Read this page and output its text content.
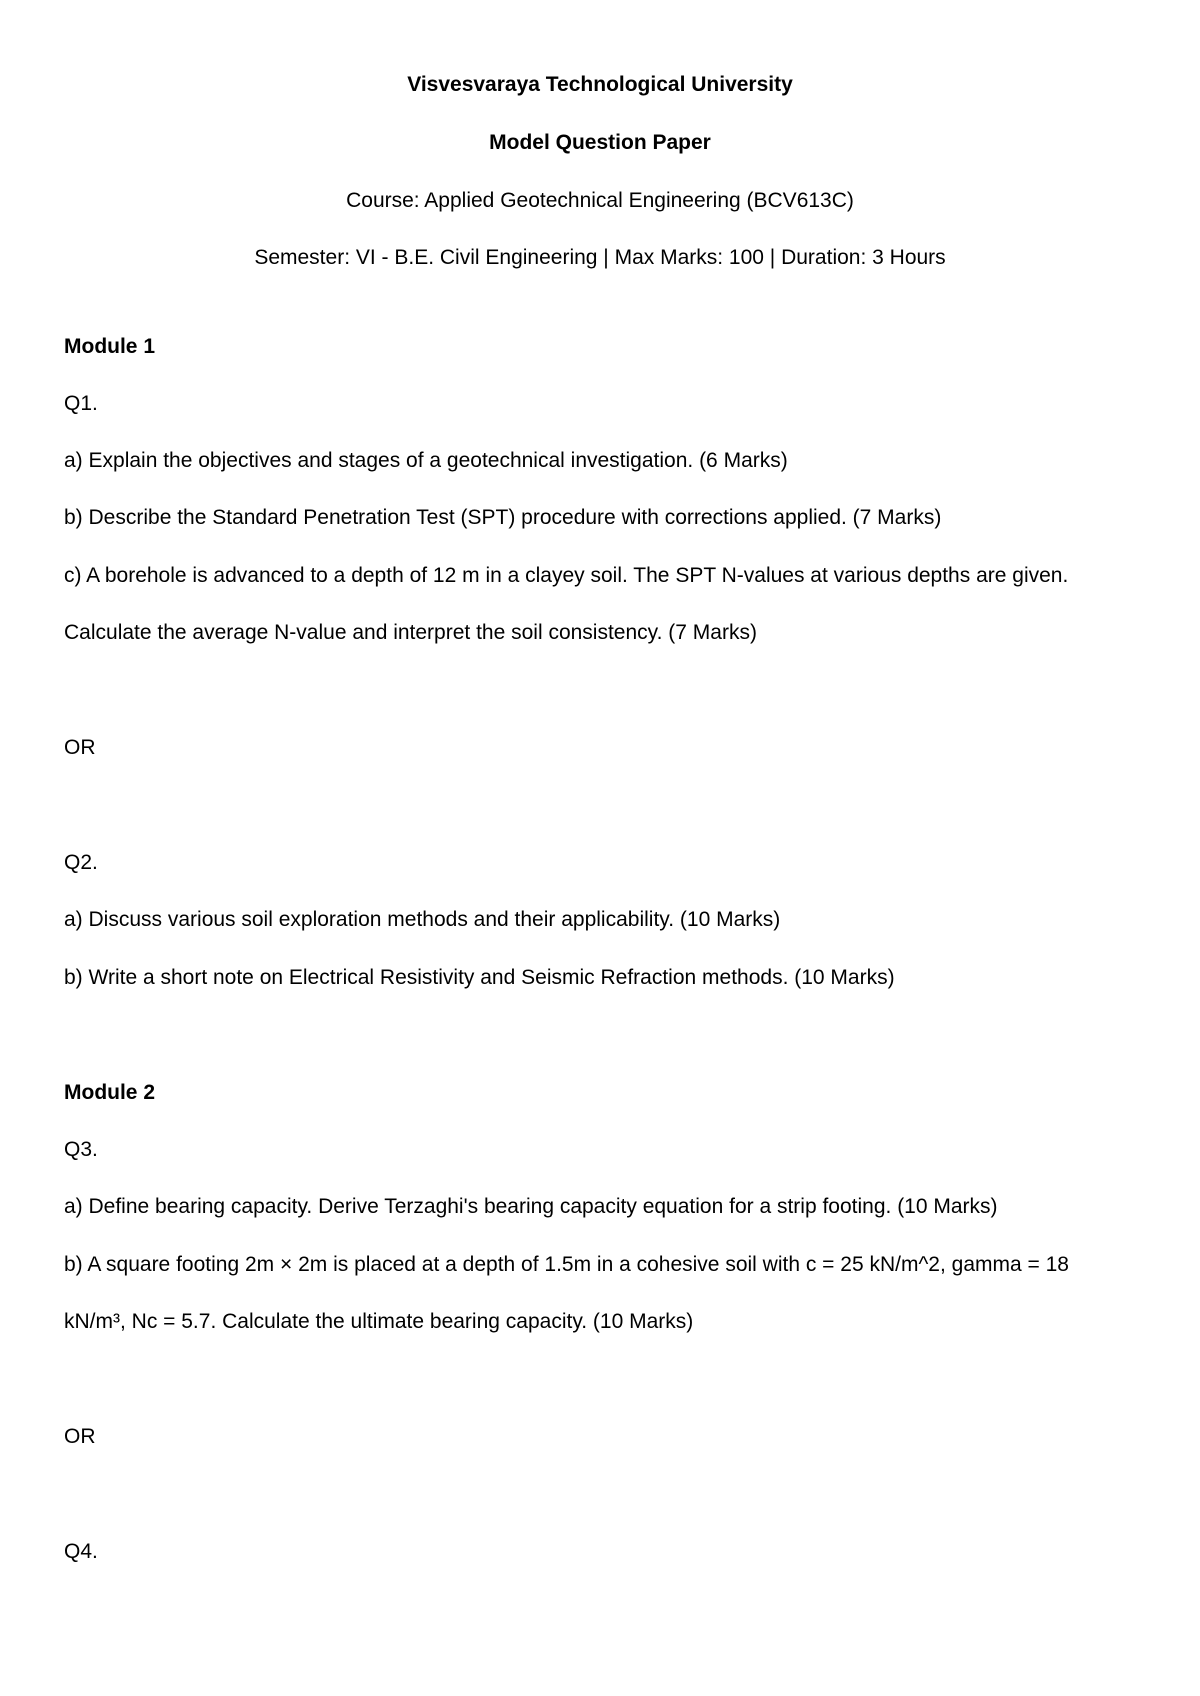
Visvesvaraya Technological University
Model Question Paper
Course: Applied Geotechnical Engineering (BCV613C)
Semester: VI - B.E. Civil Engineering | Max Marks: 100 | Duration: 3 Hours
Module 1
Q1.
a) Explain the objectives and stages of a geotechnical investigation. (6 Marks)
b) Describe the Standard Penetration Test (SPT) procedure with corrections applied. (7 Marks)
c) A borehole is advanced to a depth of 12 m in a clayey soil. The SPT N-values at various depths are given.
Calculate the average N-value and interpret the soil consistency. (7 Marks)
OR
Q2.
a) Discuss various soil exploration methods and their applicability. (10 Marks)
b) Write a short note on Electrical Resistivity and Seismic Refraction methods. (10 Marks)
Module 2
Q3.
a) Define bearing capacity. Derive Terzaghi's bearing capacity equation for a strip footing. (10 Marks)
b) A square footing 2m × 2m is placed at a depth of 1.5m in a cohesive soil with c = 25 kN/m^2, gamma = 18
kN/m³, Nc = 5.7. Calculate the ultimate bearing capacity. (10 Marks)
OR
Q4.
